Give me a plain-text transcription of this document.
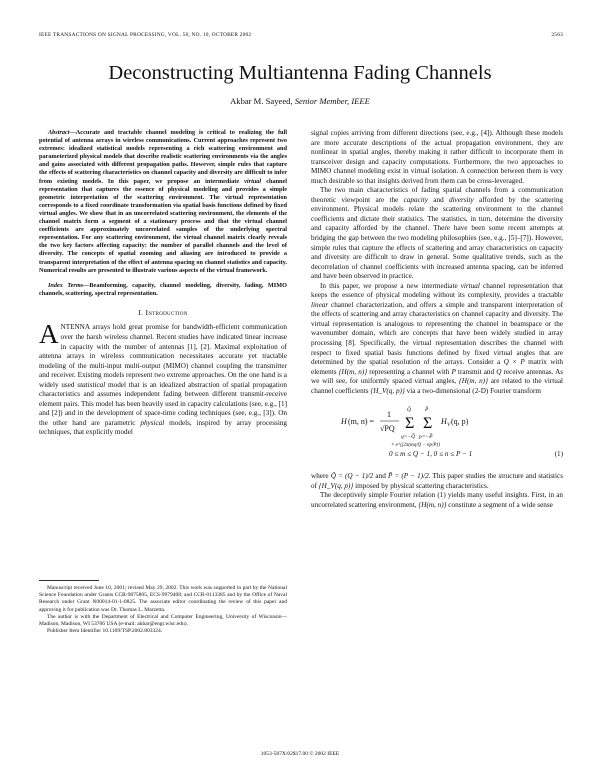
IEEE TRANSACTIONS ON SIGNAL PROCESSING, VOL. 50, NO. 10, OCTOBER 2002	2563
Deconstructing Multiantenna Fading Channels
Akbar M. Sayeed, Senior Member, IEEE

Abstract—Accurate and tractable channel modeling is critical to realizing the full potential of antenna arrays in wireless communications. Current approaches represent two extremes: idealized statistical models representing a rich scattering environment and parameterized physical models that describe realistic scattering environments via the angles and gains associated with different propagation paths. However, simple rules that capture the effects of scattering characteristics on channel capacity and diversity are difficult to infer from existing models. In this paper, we propose an intermediate virtual channel representation that captures the essence of physical modeling and provides a simple geometric interpretation of the scattering environment. The virtual representation corresponds to a fixed coordinate transformation via spatial basis functions defined by fixed virtual angles. We show that in an uncorrelated scattering environment, the elements of the channel matrix form a segment of a stationary process and that the virtual channel coefficients are approximately uncorrelated samples of the underlying spectral representation. For any scattering environment, the virtual channel matrix clearly reveals the two key factors affecting capacity: the number of parallel channels and the level of diversity. The concepts of spatial zooming and aliasing are introduced to provide a transparent interpretation of the effect of antenna spacing on channel statistics and capacity. Numerical results are presented to illustrate various aspects of the virtual framework.

Index Terms—Beamforming, capacity, channel modeling, diversity, fading, MIMO channels, scattering, spectral representation.

I. Introduction

ANTENNA arrays hold great promise for bandwidth-efficient communication over the harsh wireless channel. Recent studies have indicated linear increase in capacity with the number of antennas [1], [2]. Maximal exploitation of antenna arrays in wireless communication necessitates accurate yet tractable modeling of the multi-input multi-output (MIMO) channel coupling the transmitter and receiver. Existing models represent two extreme approaches. On the one hand is a widely used statistical model that is an idealized abstraction of spatial propagation characteristics and assumes independent fading between different transmit-receive element pairs. This model has been heavily used in capacity calculations (see, e.g., [1] and [2]) and in the development of space-time coding techniques (see, e.g., [3]). On the other hand are parametric physical models, inspired by array processing techniques, that explicitly model

Manuscript received June 10, 2001; revised May 29, 2002. This work was supported in part by the National Science Foundation under Grants CCR-9875805, ECS-9979408, and CCR-0113385 and by the Office of Naval Research under Grant N00014-01-1-0825. The associate editor coordinating the review of this paper and approving it for publication was Dr. Thomas L. Marzetta.

The author is with the Department of Electrical and Computer Engineering, University of Wisconsin—Madison, Madison, WI 53706 USA (e-mail: akbar@engr.wisc.edu).

Publisher Item Identifier 10.1109/TSP.2002.803324.

signal copies arriving from different directions (see, e.g., [4]). Although these models are more accurate descriptions of the actual propagation environment, they are nonlinear in spatial angles, thereby making it rather difficult to incorporate them in transceiver design and capacity computations. Furthermore, the two approaches to MIMO channel modeling exist in virtual isolation. A connection between them is very much desirable so that insights derived from them can be cross-leveraged.

The two main characteristics of fading spatial channels from a communication theoretic viewpoint are the capacity and diversity afforded by the scattering environment. Physical models relate the scattering environment to the channel coefficients and dictate their statistics. The statistics, in turn, determine the diversity and capacity afforded by the channel. There have been some recent attempts at bridging the gap between the two modeling philosophies (see, e.g., [5]–[7]). However, simple rules that capture the effects of scattering and array characteristics on capacity and diversity are difficult to draw in general. Some qualitative trends, such as the decorrelation of channel coefficients with increased antenna spacing, can be inferred and have been observed in practice.

In this paper, we propose a new intermediate virtual channel representation that keeps the essence of physical modeling without its complexity, provides a tractable linear channel characterization, and offers a simple and transparent interpretation of the effects of scattering and array characteristics on channel capacity and diversity. The virtual representation is analogous to representing the channel in beamspace or the wavenumber domain, which are concepts that have been widely studied in array processing [8]. Specifically, the virtual representation describes the channel with respect to fixed spatial basis functions defined by fixed virtual angles that are determined by the spatial resolution of the arrays. Consider a Q × P matrix with elements {H(m, n)} representing a channel with P transmit and Q receive antennas. As we will see, for uniformly spaced virtual angles, {H(m, n)} are related to the virtual channel coefficients {H_V(q, p)} via a two-dimensional (2-D) Fourier transform

H (m, n) =
1
√PQ Σ
Q̃
q=−Q̃
Σ
P̃
p=−P̃
H V (q, p)
× e^{j2π(mq/Q − np/P)}
0 ≤ m ≤ Q − 1, 0 ≤ n ≤ P − 1	(1)

where Q̃ = (Q − 1)/2 and P̃ = (P − 1)/2. This paper studies the structure and statistics of {H_V(q, p)} imposed by physical scattering characteristics.

The deceptively simple Fourier relation (1) yields many useful insights. First, in an uncorrelated scattering environment, {H(m, n)} constitute a segment of a wide sense

1053-587X/02$17.00 © 2002 IEEE
